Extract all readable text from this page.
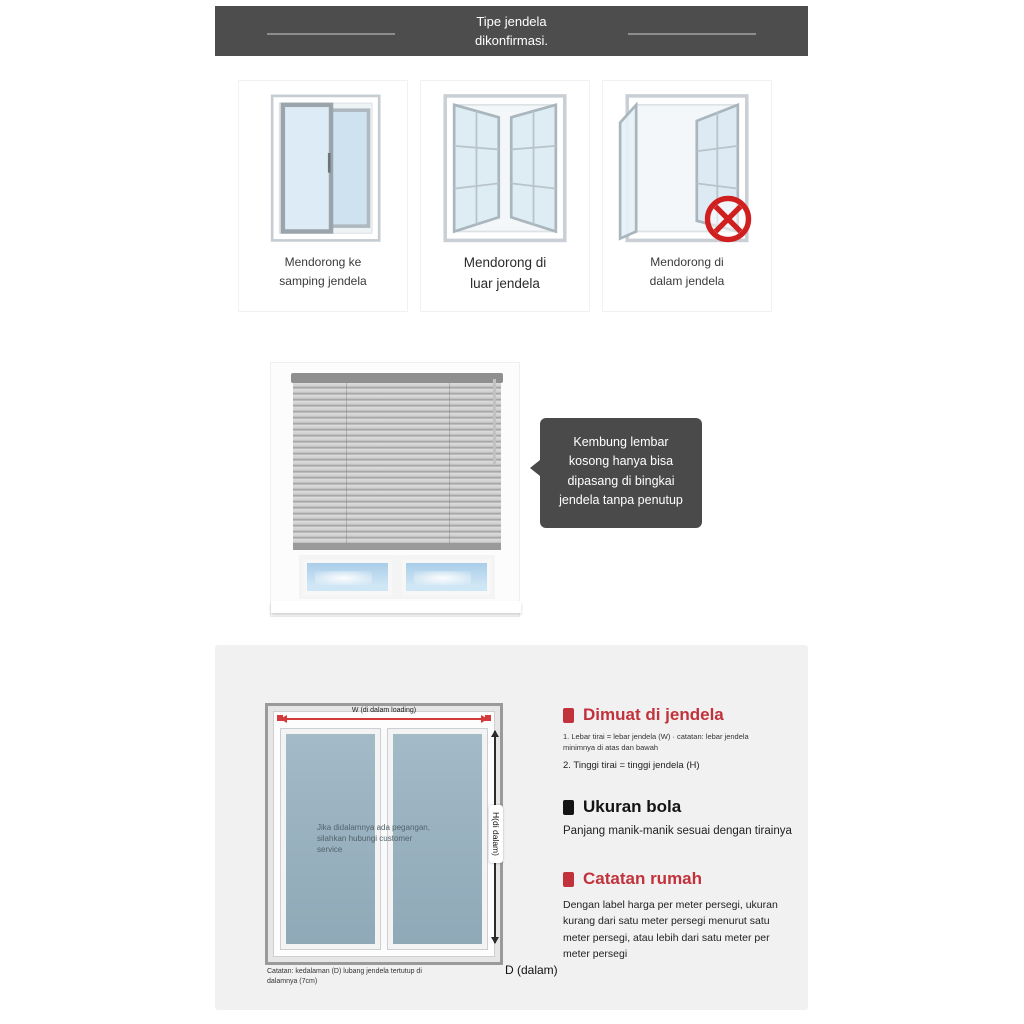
Tipe jendela
dikonfirmasi.
Mendorong ke
samping jendela
Mendorong di
luar jendela
Mendorong di
dalam jendela
Kembung lembar kosong hanya bisa dipasang di bingkai jendela tanpa penutup
W (di dalam loading)
H(di dalam)
Jika didalamnya ada pegangan, silahkan hubungi customer service
Catatan: kedalaman (D) lubang jendela tertutup di dalamnya (7cm)
D (dalam)
Dimuat di jendela
1. Lebar tirai = lebar jendela (W) · catatan: lebar jendela minimnya di atas dan bawah
2. Tinggi tirai = tinggi jendela (H)
Ukuran bola
Panjang manik-manik sesuai dengan tirainya
Catatan rumah
Dengan label harga per meter persegi, ukuran kurang dari satu meter persegi menurut satu meter persegi, atau lebih dari satu meter per meter persegi
